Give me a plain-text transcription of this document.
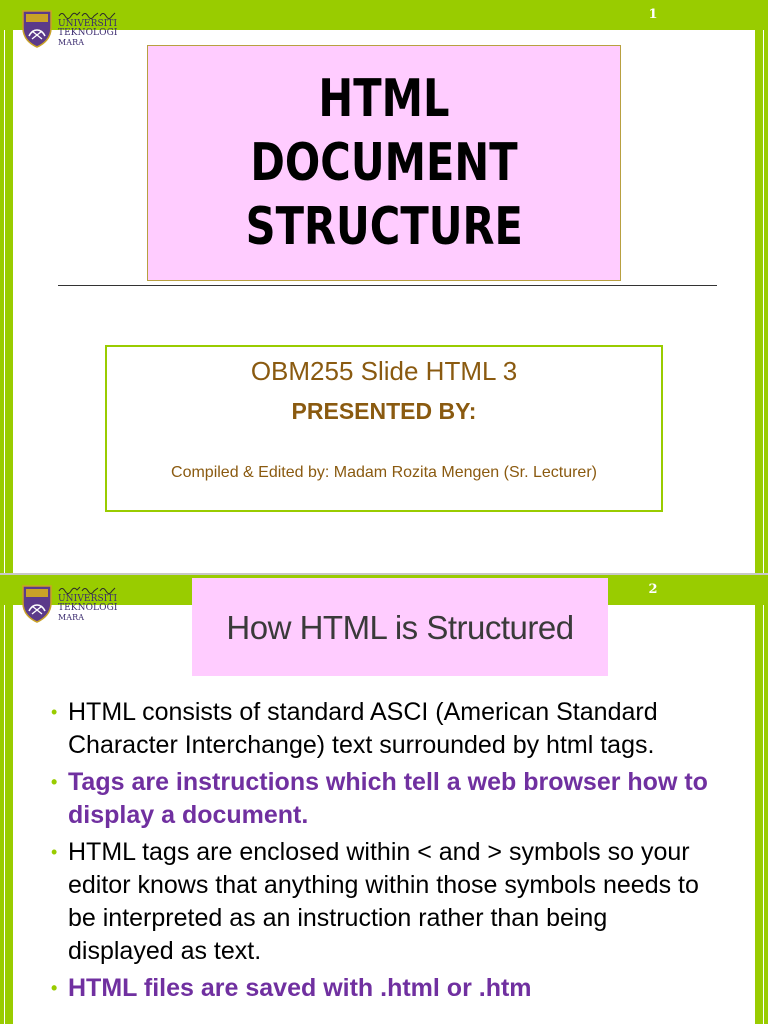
1
UNIVERSITI
TEKNOLOGI
MARA
HTML
DOCUMENT
STRUCTURE
OBM255 Slide HTML 3
PRESENTED BY:
Compiled & Edited by: Madam Rozita Mengen (Sr. Lecturer)
2
UNIVERSITI
TEKNOLOGI
MARA	How HTML is Structured
• HTML consists of standard ASCI (American Standard Character Interchange) text surrounded by html tags.
• Tags are instructions which tell a web browser how to display a document.
• HTML tags are enclosed within < and > symbols so your editor knows that anything within those symbols needs to be interpreted as an instruction rather than being displayed as text.
• HTML files are saved with .html or .htm
